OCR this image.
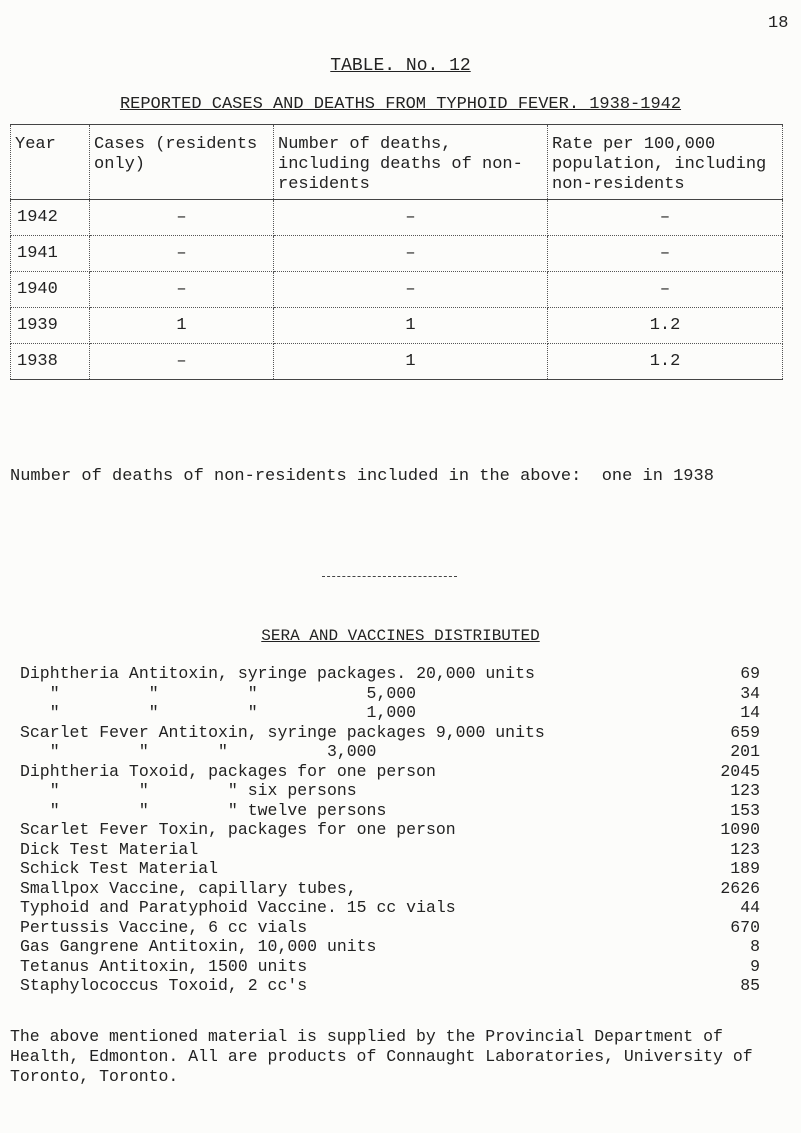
18
TABLE. No. 12
REPORTED CASES AND DEATHS FROM TYPHOID FEVER. 1938-1942
Year	Cases (residents only)	Number of deaths, including deaths of non-residents	Rate per 100,000 population, including non-residents
1942	–	–	–
1941	–	–	–
1940	–	–	–
1939	1	1	1.2
1938	–	1	1.2
Number of deaths of non-residents included in the above:  one in 1938
SERA AND VACCINES DISTRIBUTED
Diphtheria Antitoxin, syringe packages. 20,000 units	69
"         "         "           5,000	34
"         "         "           1,000	14
Scarlet Fever Antitoxin, syringe packages 9,000 units	659
"        "       "          3,000	201
Diphtheria Toxoid, packages for one person	2045
"        "        " six persons	123
"        "        " twelve persons	153
Scarlet Fever Toxin, packages for one person	1090
Dick Test Material	123
Schick Test Material	189
Smallpox Vaccine, capillary tubes,	2626
Typhoid and Paratyphoid Vaccine. 15 cc vials	44
Pertussis Vaccine, 6 cc vials	670
Gas Gangrene Antitoxin, 10,000 units	8
Tetanus Antitoxin, 1500 units	9
Staphylococcus Toxoid, 2 cc's	85
The above mentioned material is supplied by the Provincial Department of Health, Edmonton. All are products of Connaught Laboratories, University of Toronto, Toronto.
